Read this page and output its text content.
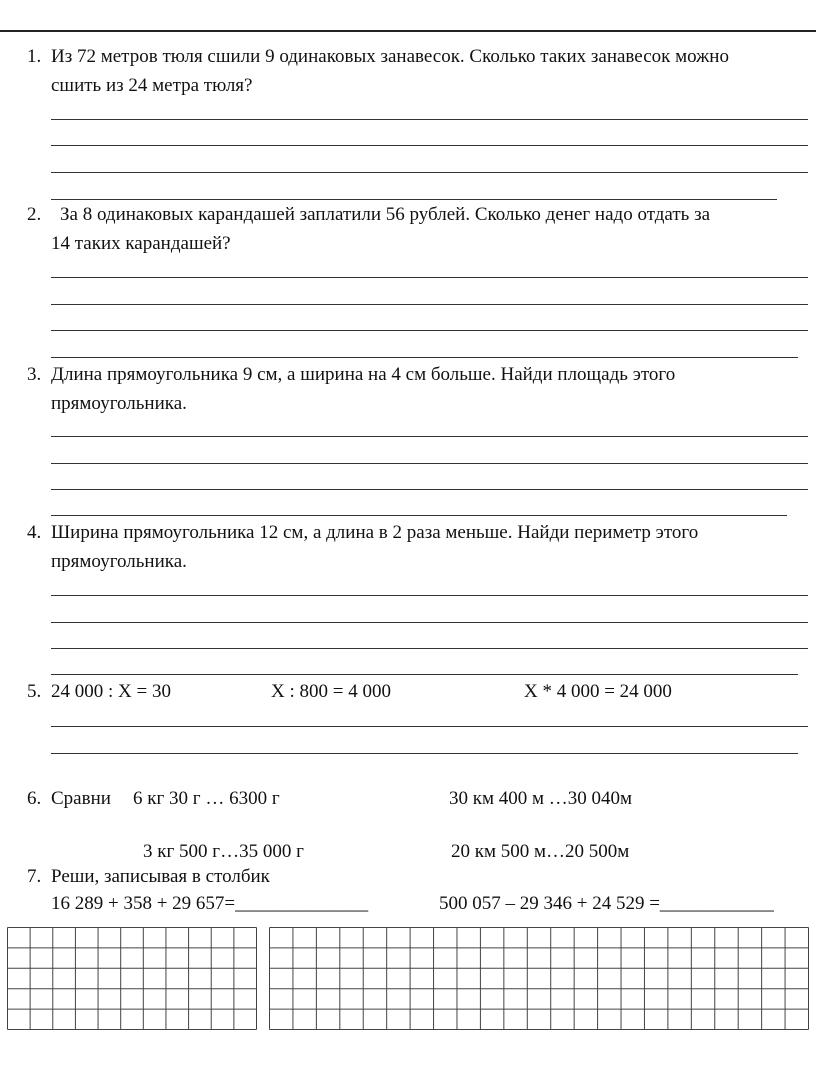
1. Из 72 метров тюля сшили 9 одинаковых занавесок. Сколько таких занавесок можно
сшить из 24 метра тюля?
2. За 8 одинаковых карандашей заплатили 56 рублей. Сколько денег надо отдать за
14 таких карандашей?
3. Длина прямоугольника 9 см, а ширина на 4 см больше. Найди площадь этого
прямоугольника.
4. Ширина прямоугольника 12 см, а длина в 2 раза меньше. Найди периметр этого
прямоугольника.
5. 24 000 : Х = 30	Х : 800 = 4 000	Х * 4 000 = 24 000
6. Сравни 6 кг 30 г … 6300 г	30 км 400 м …30 040м
3 кг 500 г…35 000 г	20 км 500 м…20 500м
7. Реши, записывая в столбик
16 289 + 358 + 29 657=______________	500 057 – 29 346 + 24 529 =____________
